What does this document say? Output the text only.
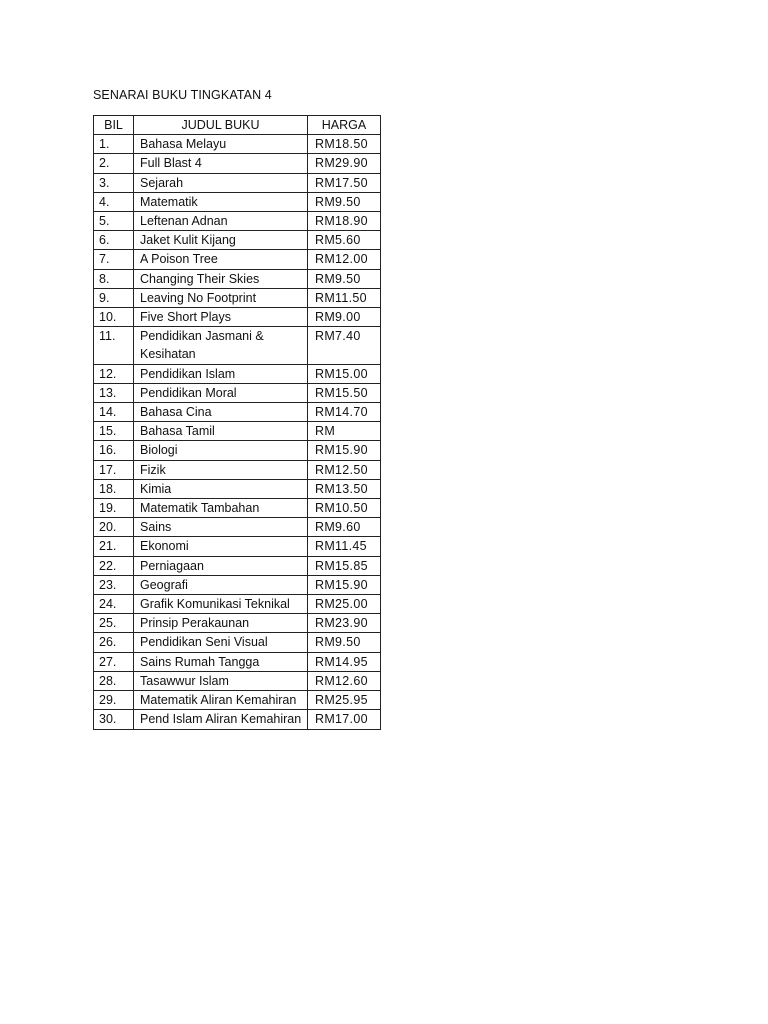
SENARAI BUKU TINGKATAN 4
BIL	JUDUL BUKU	HARGA
1.	Bahasa Melayu	RM18.50
2.	Full Blast 4	RM29.90
3.	Sejarah	RM17.50
4.	Matematik	RM9.50
5.	Leftenan Adnan	RM18.90
6.	Jaket Kulit Kijang	RM5.60
7.	A Poison Tree	RM12.00
8.	Changing Their Skies	RM9.50
9.	Leaving No Footprint	RM11.50
10.	Five Short Plays	RM9.00
11.	Pendidikan Jasmani & Kesihatan	RM7.40
12.	Pendidikan Islam	RM15.00
13.	Pendidikan Moral	RM15.50
14.	Bahasa Cina	RM14.70
15.	Bahasa Tamil	RM
16.	Biologi	RM15.90
17.	Fizik	RM12.50
18.	Kimia	RM13.50
19.	Matematik Tambahan	RM10.50
20.	Sains	RM9.60
21.	Ekonomi	RM11.45
22.	Perniagaan	RM15.85
23.	Geografi	RM15.90
24.	Grafik Komunikasi Teknikal	RM25.00
25.	Prinsip Perakaunan	RM23.90
26.	Pendidikan Seni Visual	RM9.50
27.	Sains Rumah Tangga	RM14.95
28.	Tasawwur Islam	RM12.60
29.	Matematik Aliran Kemahiran	RM25.95
30.	Pend Islam Aliran Kemahiran	RM17.00
